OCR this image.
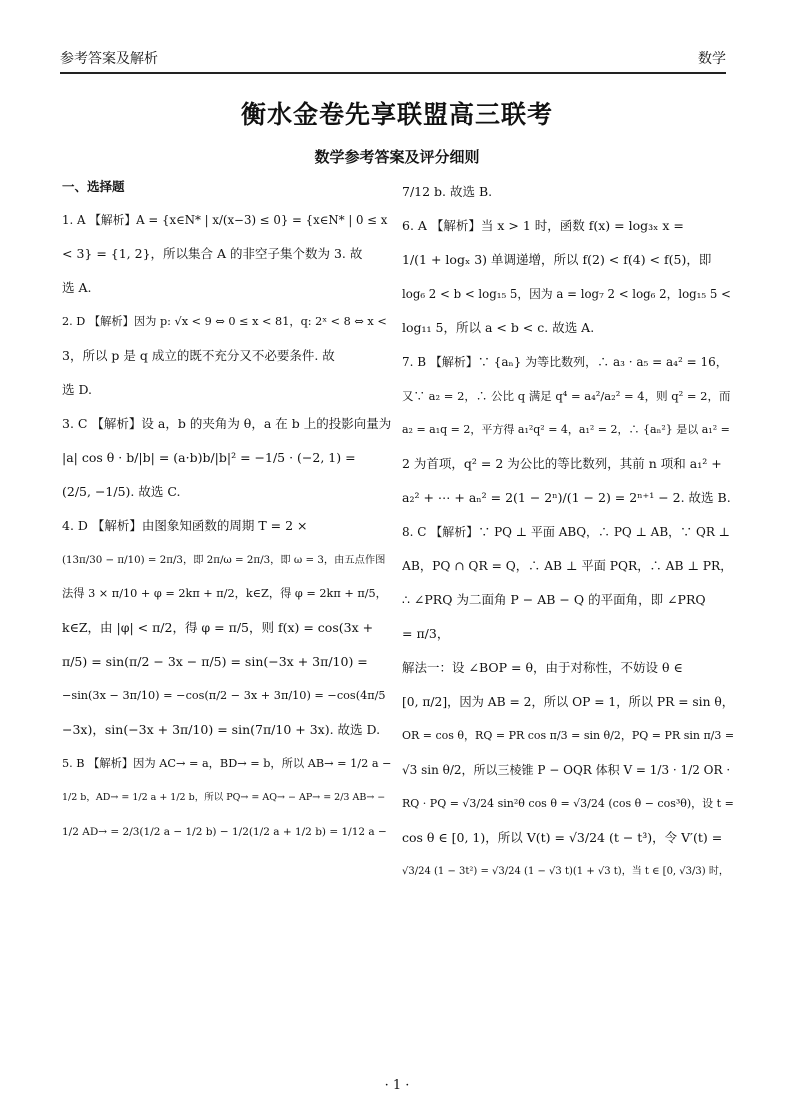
参考答案及解析	数学
衡水金卷先享联盟高三联考
数学参考答案及评分细则
一、选择题
1. A 【解析】A = {x∈N* | x/(x−3) ≤ 0} = {x∈N* | 0 ≤ x
< 3} = {1, 2}，所以集合 A 的非空子集个数为 3. 故
选 A.
2. D 【解析】因为 p: √x < 9 ⇔ 0 ≤ x < 81，q: 2ˣ < 8 ⇔ x <
3，所以 p 是 q 成立的既不充分又不必要条件. 故
选 D.
3. C 【解析】设 a，b 的夹角为 θ，a 在 b 上的投影向量为
|a| cos θ · b/|b| = (a·b)b/|b|² = −1/5 · (−2, 1) =
(2/5, −1/5). 故选 C.
4. D 【解析】由图象知函数的周期 T = 2 ×
(13π/30 − π/10) = 2π/3，即 2π/ω = 2π/3，即 ω = 3，由五点作图
法得 3 × π/10 + φ = 2kπ + π/2，k∈Z，得 φ = 2kπ + π/5，
k∈Z，由 |φ| < π/2，得 φ = π/5，则 f(x) = cos(3x +
π/5) = sin(π/2 − 3x − π/5) = sin(−3x + 3π/10) =
−sin(3x − 3π/10) = −cos(π/2 − 3x + 3π/10) = −cos(4π/5
−3x)，sin(−3x + 3π/10) = sin(7π/10 + 3x). 故选 D.
5. B 【解析】因为 AC→ = a，BD→ = b，所以 AB→ = 1/2 a −
1/2 b，AD→ = 1/2 a + 1/2 b，所以 PQ→ = AQ→ − AP→ = 2/3 AB→ −
1/2 AD→ = 2/3(1/2 a − 1/2 b) − 1/2(1/2 a + 1/2 b) = 1/12 a −
7/12 b. 故选 B.
6. A 【解析】当 x > 1 时，函数 f(x) = log₃ₓ x =
1/(1 + logₓ 3) 单调递增，所以 f(2) < f(4) < f(5)，即
log₆ 2 < b < log₁₅ 5，因为 a = log₇ 2 < log₆ 2，log₁₅ 5 <
log₁₁ 5，所以 a < b < c. 故选 A.
7. B 【解析】∵ {aₙ} 为等比数列，∴ a₃ · a₅ = a₄² = 16，
又∵ a₂ = 2，∴ 公比 q 满足 q⁴ = a₄²/a₂² = 4，则 q² = 2，而
a₂ = a₁q = 2，平方得 a₁²q² = 4，a₁² = 2，∴ {aₙ²} 是以 a₁² =
2 为首项，q² = 2 为公比的等比数列，其前 n 项和 a₁² +
a₂² + ⋯ + aₙ² = 2(1 − 2ⁿ)/(1 − 2) = 2ⁿ⁺¹ − 2. 故选 B.
8. C 【解析】∵ PQ ⊥ 平面 ABQ，∴ PQ ⊥ AB，∵ QR ⊥
AB，PQ ∩ QR = Q，∴ AB ⊥ 平面 PQR，∴ AB ⊥ PR，
∴ ∠PRQ 为二面角 P − AB − Q 的平面角，即 ∠PRQ
= π/3，
解法一：设 ∠BOP = θ，由于对称性，不妨设 θ ∈
[0, π/2]，因为 AB = 2，所以 OP = 1，所以 PR = sin θ，
OR = cos θ，RQ = PR cos π/3 = sin θ/2，PQ = PR sin π/3 =
√3 sin θ/2，所以三棱锥 P − OQR 体积 V = 1/3 · 1/2 OR ·
RQ · PQ = √3/24 sin²θ cos θ = √3/24 (cos θ − cos³θ)，设 t =
cos θ ∈ [0, 1)，所以 V(t) = √3/24 (t − t³)，令 V′(t) =
√3/24 (1 − 3t²) = √3/24 (1 − √3 t)(1 + √3 t)，当 t ∈ [0, √3/3) 时，
· 1 ·
